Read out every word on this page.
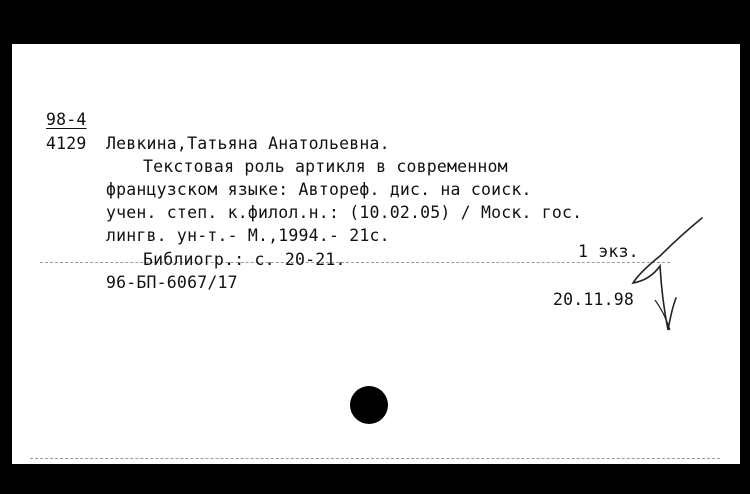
98-4
4129 Левкина,Татьяна Анатольевна.
Текстовая роль артикля в современном
французском языке: Автореф. дис. на соиск.
учен. степ. к.филол.н.: (10.02.05) / Моск. гос.
лингв. ун-т.- М.,1994.- 21с.
Библиогр.: с. 20-21.	1 экз.
96-БП-6067/17
20.11.98
